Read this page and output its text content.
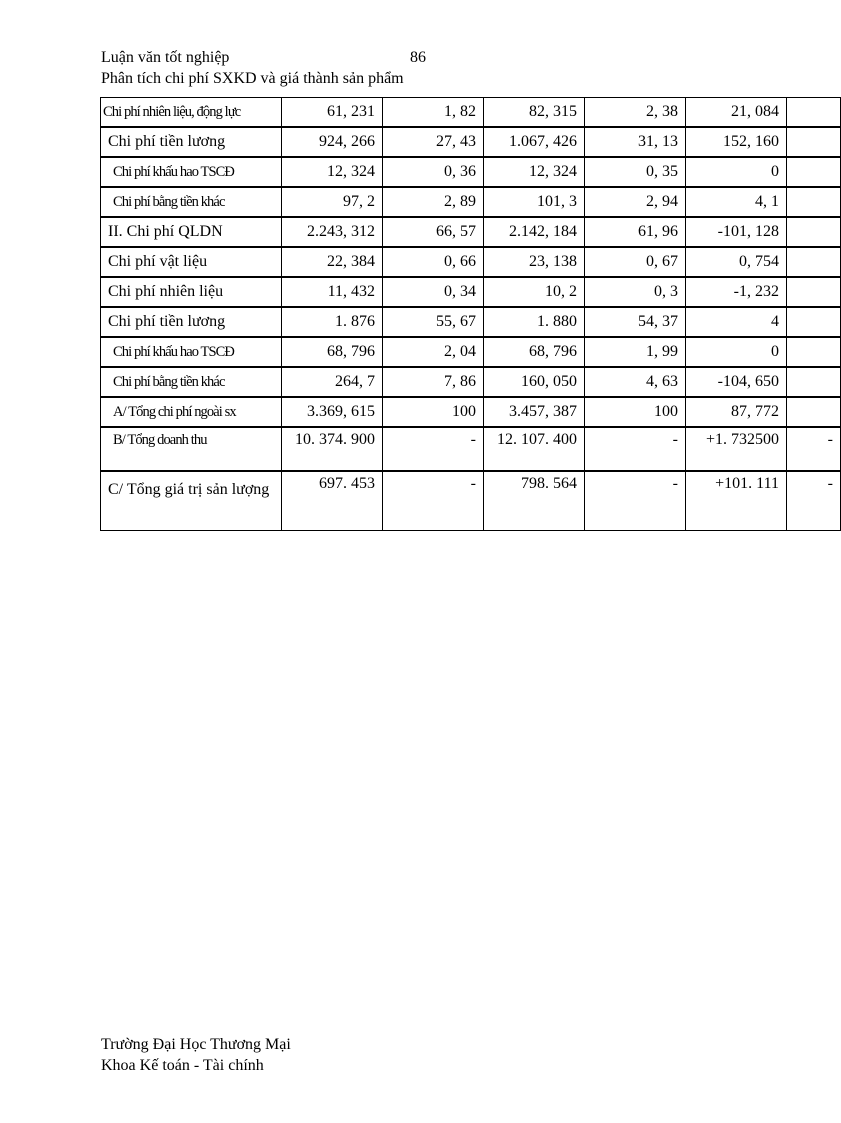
Luận văn tốt nghiệp	86
Phân tích chi phí SXKD và giá thành sản phẩm
Chi phí nhiên liệu, động lực	61, 231	1, 82	82, 315	2, 38	21, 084	
Chi phí tiền lương	924, 266	27, 43	1.067, 426	31, 13	152, 160	
Chi phí khấu hao TSCĐ	12, 324	0, 36	12, 324	0, 35	0	
Chi phí bằng tiền khác	97, 2	2, 89	101, 3	2, 94	4, 1	
II. Chi phí QLDN	2.243, 312	66, 57	2.142, 184	61, 96	-101, 128	
Chi phí vật liệu	22, 384	0, 66	23, 138	0, 67	0, 754	
Chi phí nhiên liệu	11, 432	0, 34	10, 2	0, 3	-1, 232	
Chi phí tiền lương	1. 876	55, 67	1. 880	54, 37	4	
Chi phí khấu hao TSCĐ	68, 796	2, 04	68, 796	1, 99	0	
Chi phí bằng tiền khác	264, 7	7, 86	160, 050	4, 63	-104, 650	
A/ Tổng chi phí ngoài sx	3.369, 615	100	3.457, 387	100	87, 772	
B/ Tổng doanh thu	10. 374. 900	-	12. 107. 400	-	+1. 732500	-
C/ Tổng giá trị sản lượng	697. 453	-	798. 564	-	+101. 111	-
Trường Đại Học Thương Mại
Khoa Kế toán - Tài chính
